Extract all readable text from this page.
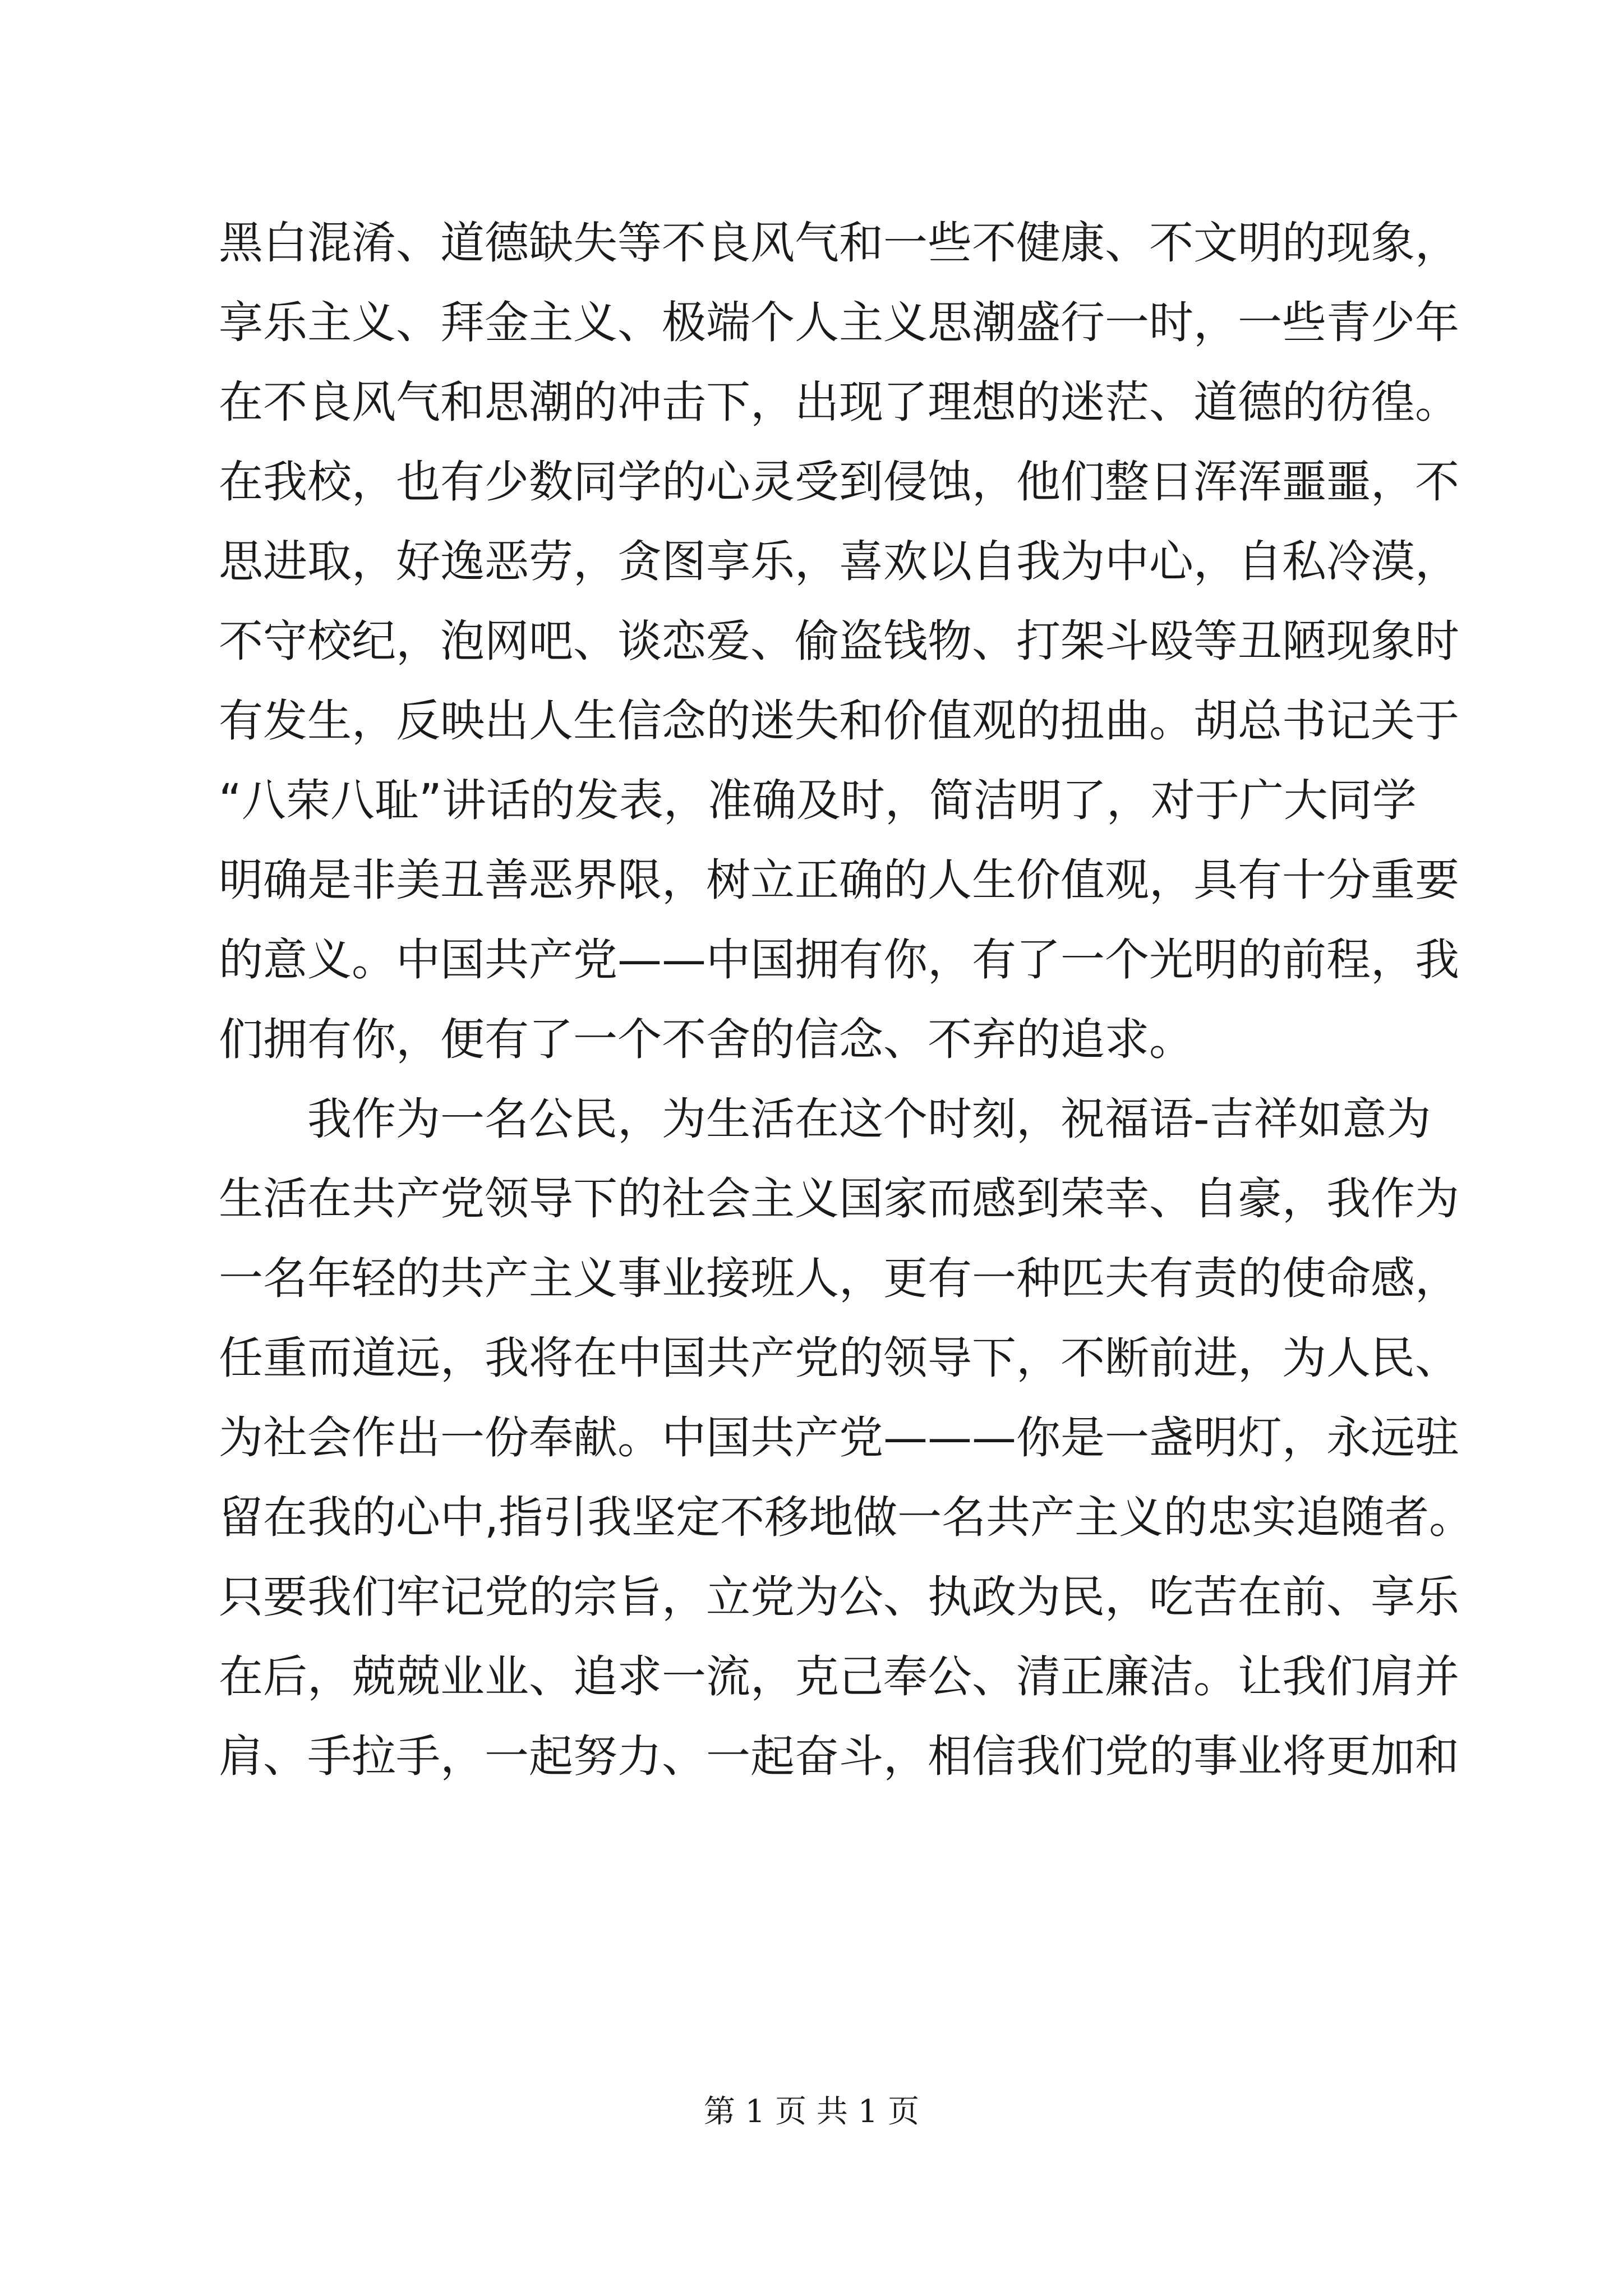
黑白混淆、道德缺失等不良风气和一些不健康、不文明的现象，
享乐主义、拜金主义、极端个人主义思潮盛行一时，一些青少年
在不良风气和思潮的冲击下，出现了理想的迷茫、道德的彷徨。
在我校，也有少数同学的心灵受到侵蚀，他们整日浑浑噩噩，不
思进取，好逸恶劳，贪图享乐，喜欢以自我为中心，自私冷漠，
不守校纪，泡网吧、谈恋爱、偷盗钱物、打架斗殴等丑陋现象时
有发生，反映出人生信念的迷失和价值观的扭曲。胡总书记关于
“八荣八耻”讲话的发表，准确及时，简洁明了，对于广大同学
明确是非美丑善恶界限，树立正确的人生价值观，具有十分重要
的意义。中国共产党——中国拥有你，有了一个光明的前程，我
们拥有你，便有了一个不舍的信念、不弃的追求。
我作为一名公民，为生活在这个时刻，祝福语-吉祥如意为
生活在共产党领导下的社会主义国家而感到荣幸、自豪，我作为
一名年轻的共产主义事业接班人，更有一种匹夫有责的使命感，
任重而道远，我将在中国共产党的领导下，不断前进，为人民、
为社会作出一份奉献。中国共产党———你是一盏明灯，永远驻
留在我的心中,指引我坚定不移地做一名共产主义的忠实追随者。
只要我们牢记党的宗旨，立党为公、执政为民，吃苦在前、享乐
在后，兢兢业业、追求一流，克己奉公、清正廉洁。让我们肩并
肩、手拉手，一起努力、一起奋斗，相信我们党的事业将更加和
第 1 页 共 1 页
